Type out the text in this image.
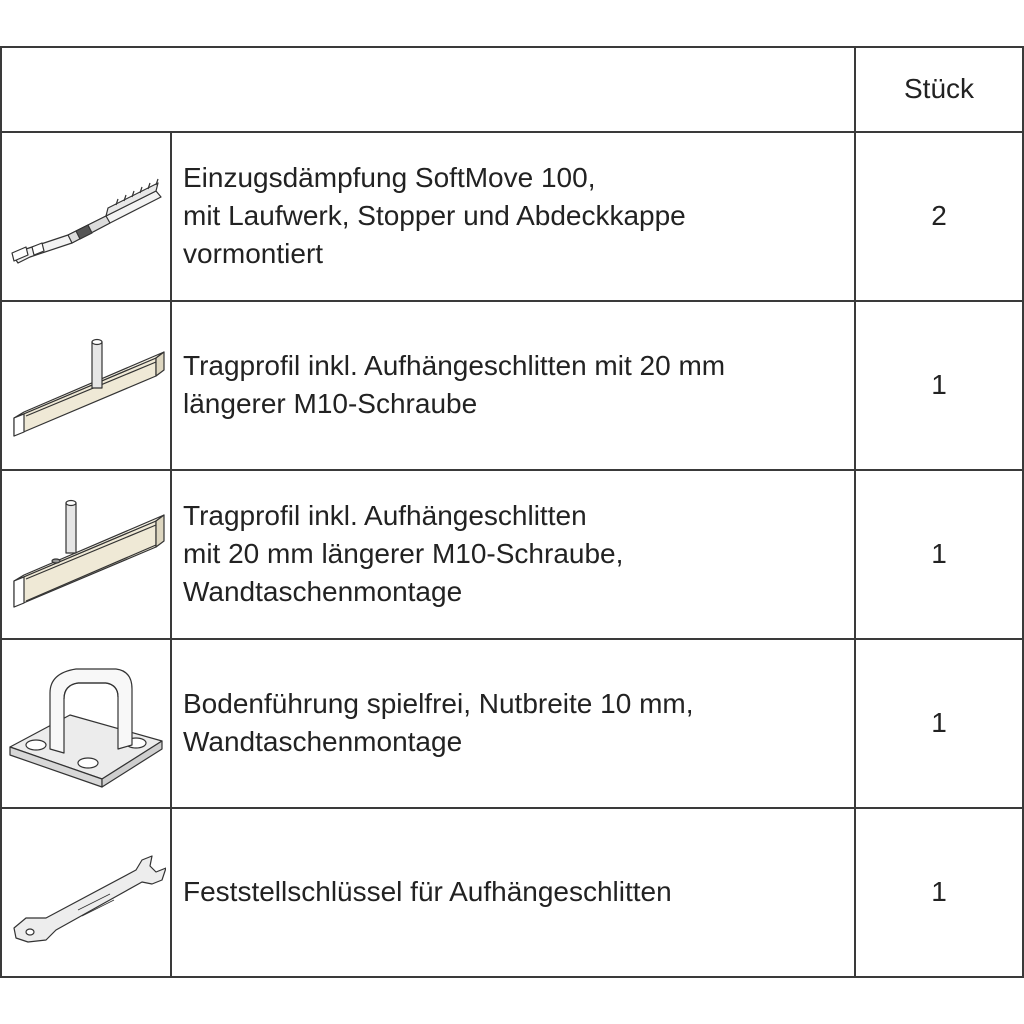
		Stück

Einzugsdämpfung SoftMove 100,
mit Laufwerk, Stopper und Abdeckkappe
vormontiert	2

Tragprofil inkl. Aufhängeschlitten mit 20 mm
längerer M10-Schraube	1

Tragprofil inkl. Aufhängeschlitten
mit 20 mm längerer M10-Schraube,
Wandtaschenmontage	1

Bodenführung spielfrei, Nutbreite 10 mm,
Wandtaschenmontage	1

Feststellschlüssel für Aufhängeschlitten	1
